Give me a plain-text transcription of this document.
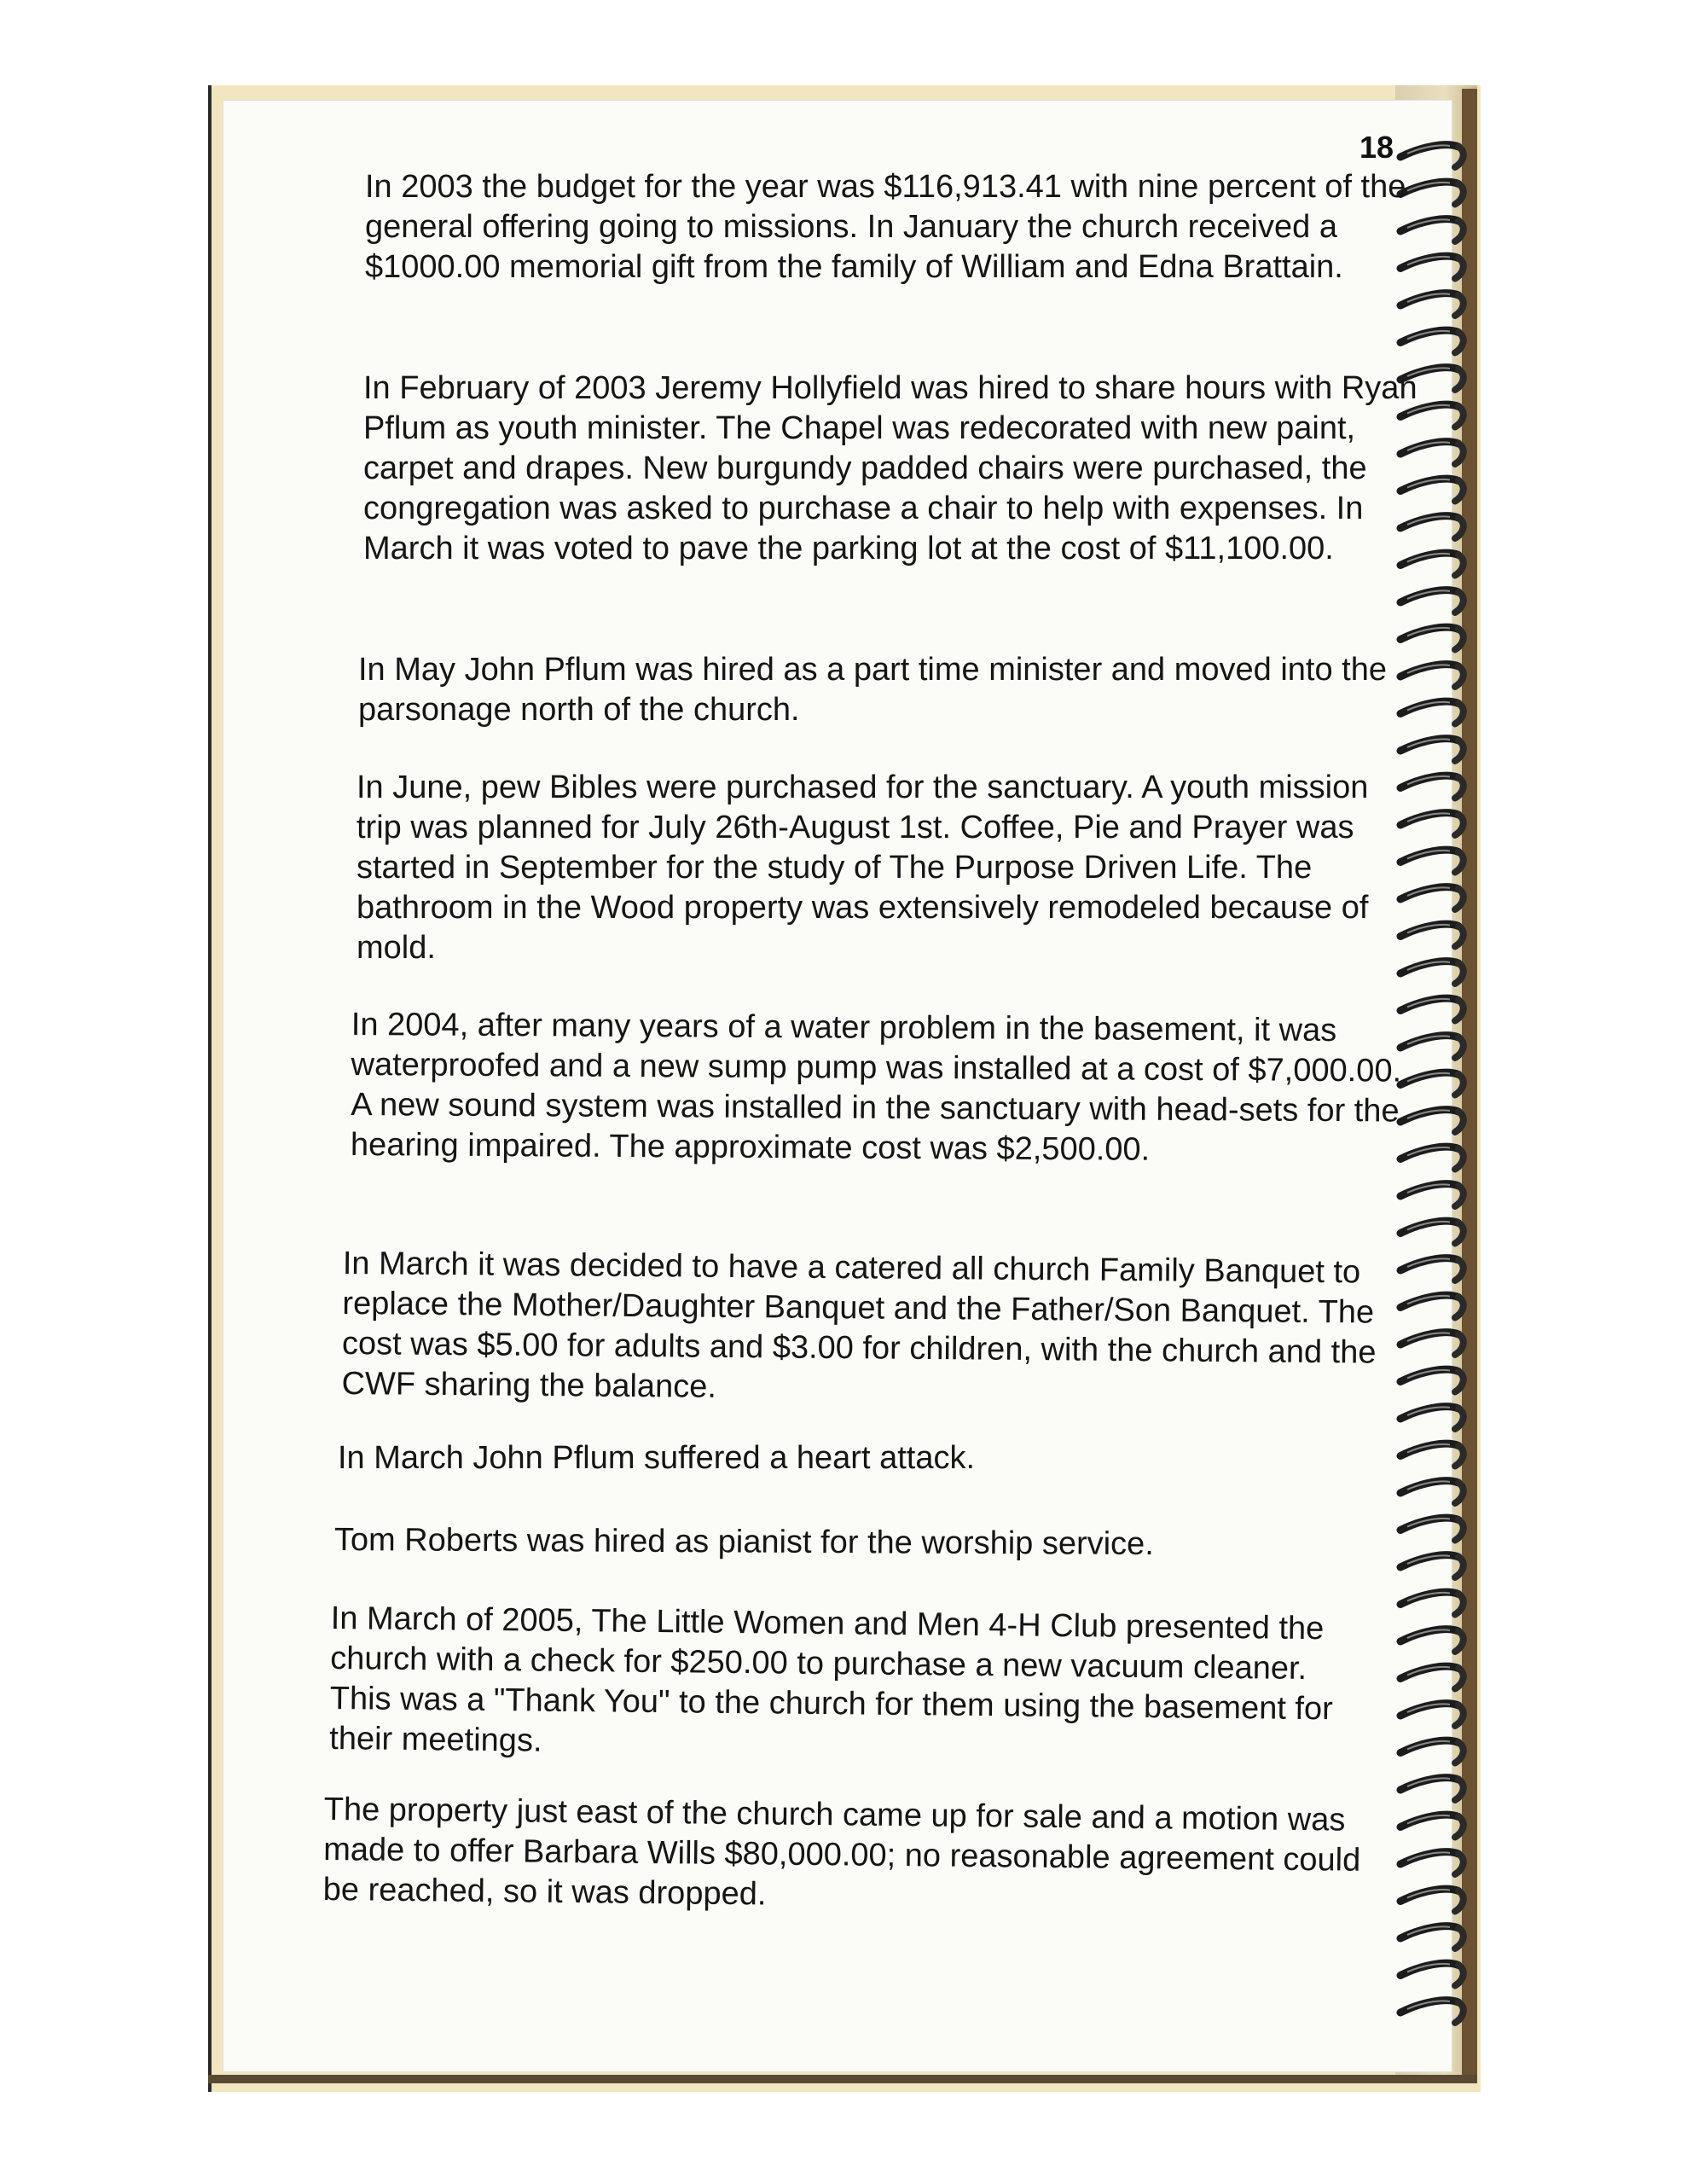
18

In 2003 the budget for the year was $116,913.41 with nine percent of the general offering going to missions. In January the church received a $1000.00 memorial gift from the family of William and Edna Brattain.

In February of 2003 Jeremy Hollyfield was hired to share hours with Ryan Pflum as youth minister. The Chapel was redecorated with new paint, carpet and drapes. New burgundy padded chairs were purchased, the congregation was asked to purchase a chair to help with expenses. In March it was voted to pave the parking lot at the cost of $11,100.00.

In May John Pflum was hired as a part time minister and moved into the parsonage north of the church.

In June, pew Bibles were purchased for the sanctuary. A youth mission trip was planned for July 26th-August 1st. Coffee, Pie and Prayer was started in September for the study of The Purpose Driven Life. The bathroom in the Wood property was extensively remodeled because of mold.

In 2004, after many years of a water problem in the basement, it was waterproofed and a new sump pump was installed at a cost of $7,000.00. A new sound system was installed in the sanctuary with head-sets for the hearing impaired. The approximate cost was $2,500.00.

In March it was decided to have a catered all church Family Banquet to replace the Mother/Daughter Banquet and the Father/Son Banquet. The cost was $5.00 for adults and $3.00 for children, with the church and the CWF sharing the balance.

In March John Pflum suffered a heart attack.

Tom Roberts was hired as pianist for the worship service.

In March of 2005, The Little Women and Men 4-H Club presented the church with a check for $250.00 to purchase a new vacuum cleaner. This was a "Thank You" to the church for them using the basement for their meetings.

The property just east of the church came up for sale and a motion was made to offer Barbara Wills $80,000.00; no reasonable agreement could be reached, so it was dropped.
